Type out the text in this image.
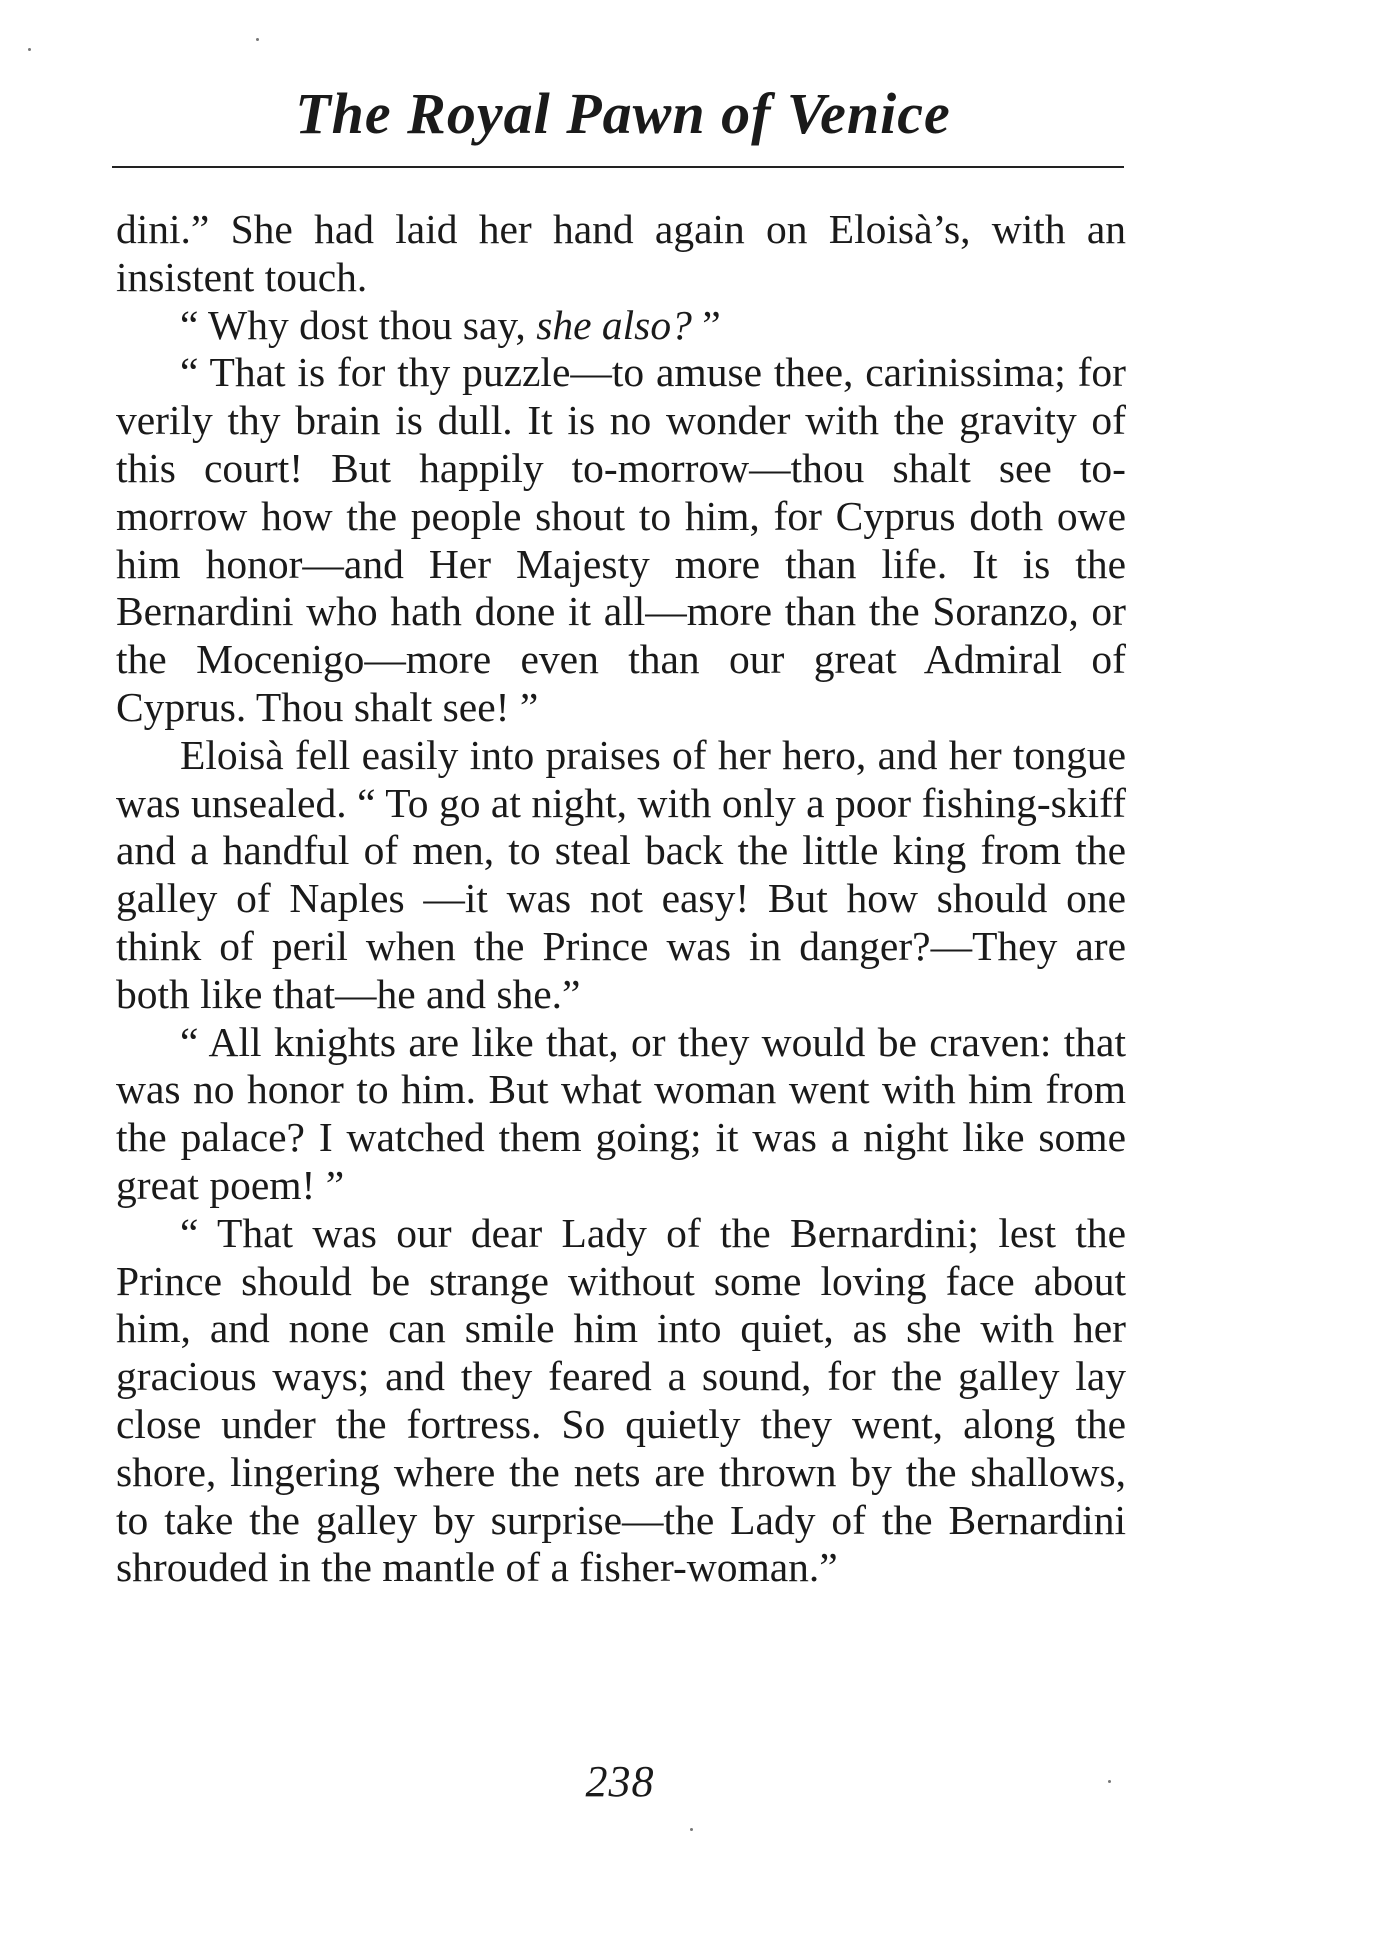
The Royal Pawn of Venice

dini.” She had laid her hand again on Eloisà’s, with an insistent touch.

“ Why dost thou say, she also? ”

“ That is for thy puzzle—to amuse thee, carinissima; for verily thy brain is dull. It is no wonder with the gravity of this court! But happily to-morrow—thou shalt see to-morrow how the people shout to him, for Cyprus doth owe him honor—and Her Majesty more than life. It is the Bernardini who hath done it all—more than the Soranzo, or the Mocenigo—more even than our great Admiral of Cyprus. Thou shalt see! ”

Eloisà fell easily into praises of her hero, and her tongue was unsealed. “ To go at night, with only a poor fishing-skiff and a handful of men, to steal back the little king from the galley of Naples —it was not easy! But how should one think of peril when the Prince was in danger?—They are both like that—he and she.”

“ All knights are like that, or they would be craven: that was no honor to him. But what woman went with him from the palace? I watched them going; it was a night like some great poem! ”

“ That was our dear Lady of the Bernardini; lest the Prince should be strange without some loving face about him, and none can smile him into quiet, as she with her gracious ways; and they feared a sound, for the galley lay close under the fortress. So quietly they went, along the shore, lingering where the nets are thrown by the shallows, to take the galley by surprise—the Lady of the Bernardini shrouded in the mantle of a fisher-woman.”

238
